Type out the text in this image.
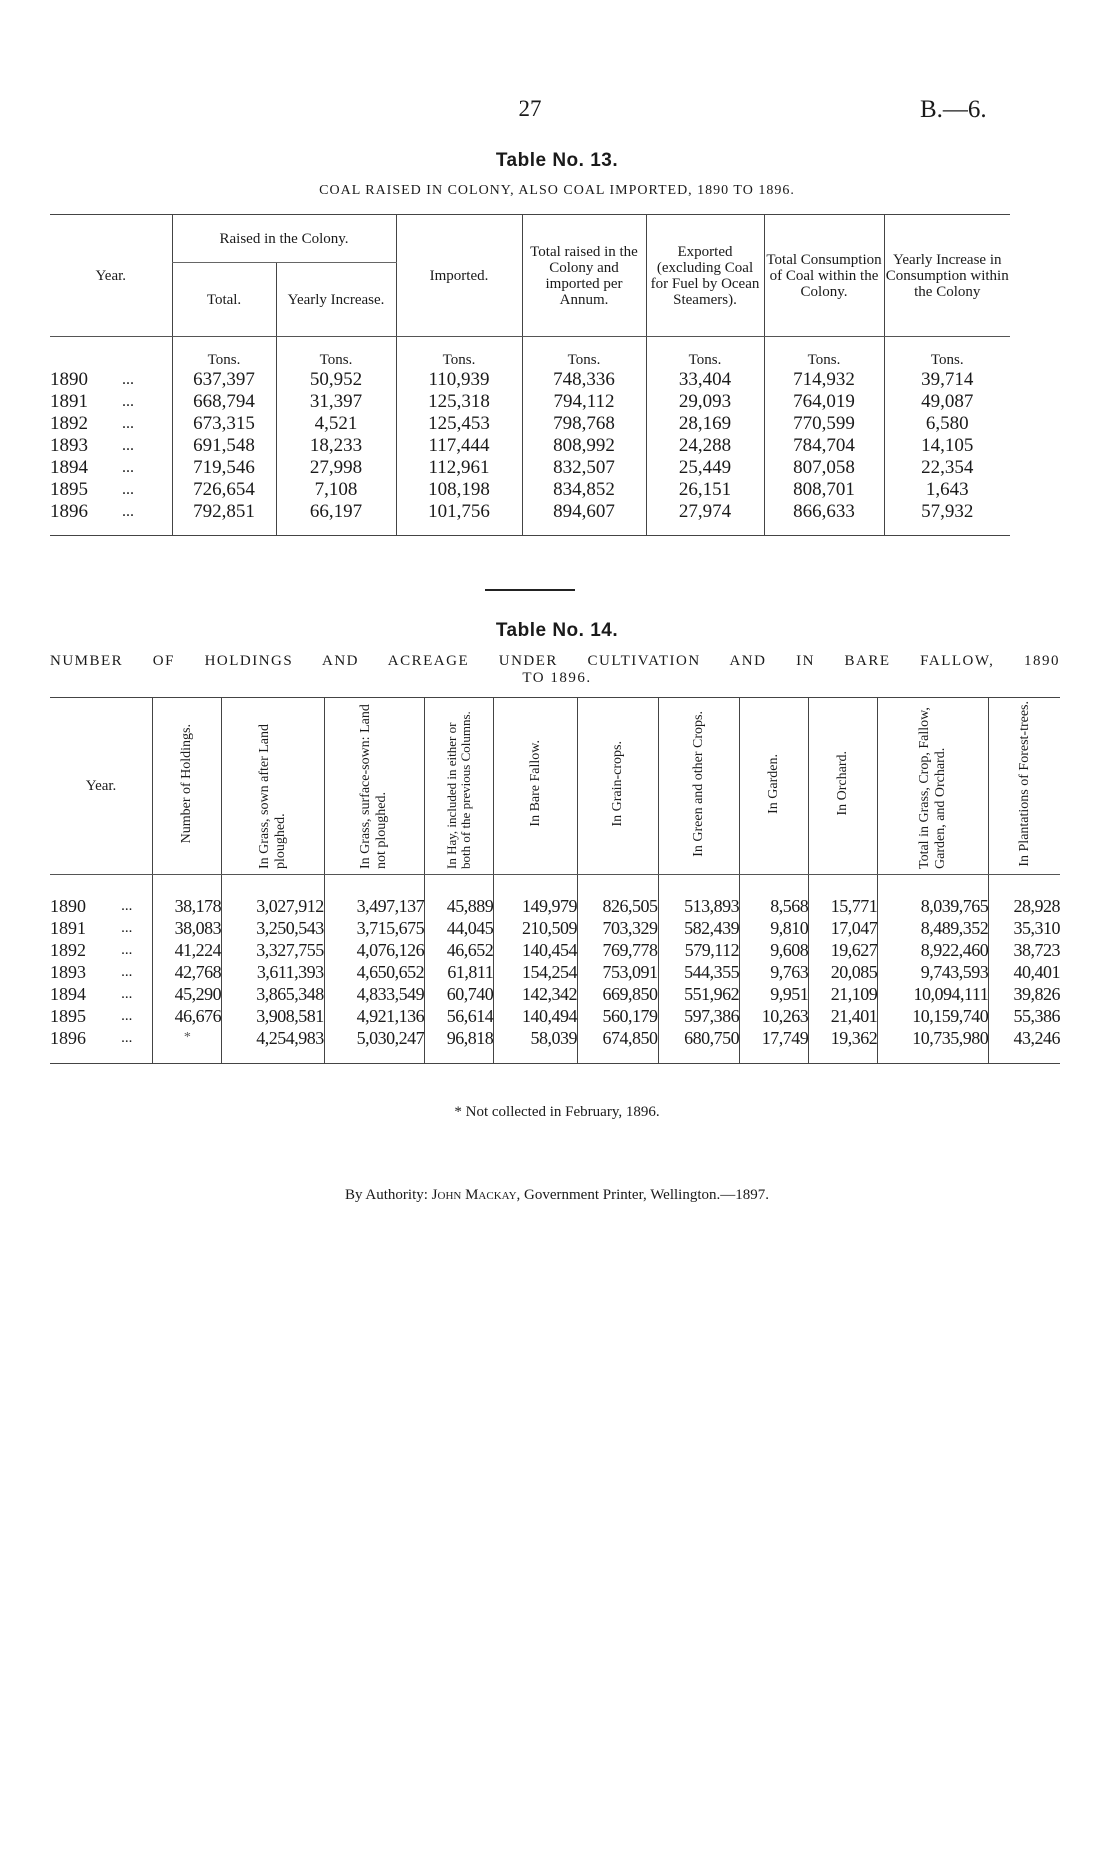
27	B.—6.
Table No. 13.
COAL RAISED IN COLONY, ALSO COAL IMPORTED, 1890 TO 1896.
Year.		Raised in the Colony.		Imported.	Total raised in the Colony and imported per Annum.	Exported (excluding Coal for Fuel by Ocean Steamers).	Total Consumption of Coal within the Colony.	Yearly Increase in Consumption within the Colony
		Total.	Yearly Increase.					
		Tons.	Tons.	Tons.	Tons.	Tons.	Tons.	Tons.
1890	...	637,397	50,952	110,939	748,336	33,404	714,932	39,714
1891	...	668,794	31,397	125,318	794,112	29,093	764,019	49,087
1892	...	673,315	4,521	125,453	798,768	28,169	770,599	6,580
1893	...	691,548	18,233	117,444	808,992	24,288	784,704	14,105
1894	...	719,546	27,998	112,961	832,507	25,449	807,058	22,354
1895	...	726,654	7,108	108,198	834,852	26,151	808,701	1,643
1896	...	792,851	66,197	101,756	894,607	27,974	866,633	57,932
Table No. 14.
NUMBER OF HOLDINGS AND ACREAGE UNDER CULTIVATION AND IN BARE FALLOW, 1890
TO 1896.
Year.		Number of Holdings.	In Grass, sown after Land ploughed.	In Grass, surface-sown: Land not ploughed.	In Hay, included in either or both of the previous Columns.	In Bare Fallow.	In Grain-crops.	In Green and other Crops.	In Garden.	In Orchard.	Total in Grass, Crop, Fallow, Garden, and Orchard.	In Plantations of Forest-trees.
1890	...	38,178	3,027,912	3,497,137	45,889	149,979	826,505	513,893	8,568	15,771	8,039,765	28,928
1891	...	38,083	3,250,543	3,715,675	44,045	210,509	703,329	582,439	9,810	17,047	8,489,352	35,310
1892	...	41,224	3,327,755	4,076,126	46,652	140,454	769,778	579,112	9,608	19,627	8,922,460	38,723
1893	...	42,768	3,611,393	4,650,652	61,811	154,254	753,091	544,355	9,763	20,085	9,743,593	40,401
1894	...	45,290	3,865,348	4,833,549	60,740	142,342	669,850	551,962	9,951	21,109	10,094,111	39,826
1895	...	46,676	3,908,581	4,921,136	56,614	140,494	560,179	597,386	10,263	21,401	10,159,740	55,386
1896	...	*	4,254,983	5,030,247	96,818	58,039	674,850	680,750	17,749	19,362	10,735,980	43,246
* Not collected in February, 1896.
By Authority: John Mackay, Government Printer, Wellington.—1897.
